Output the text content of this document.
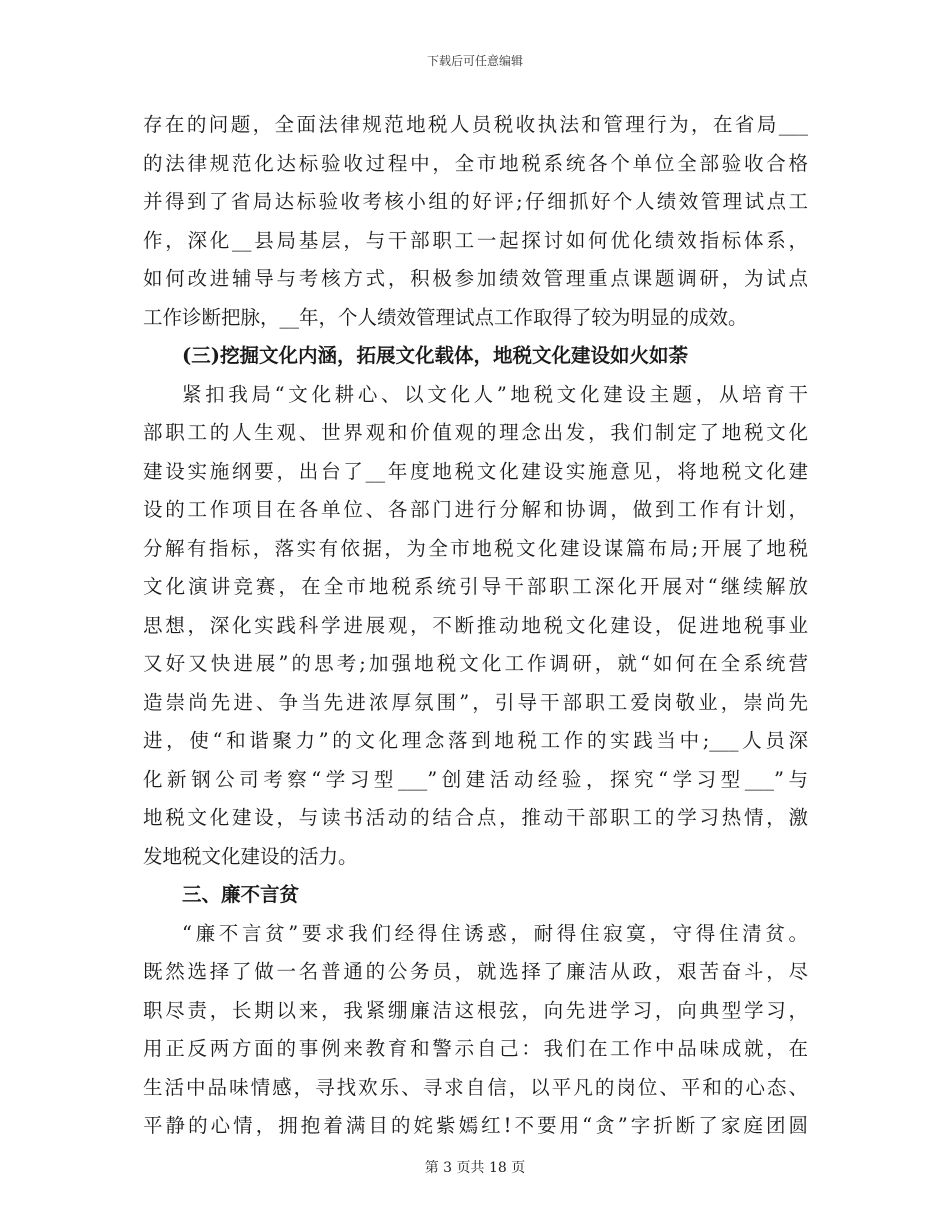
下载后可任意编辑
存在的问题，全面法律规范地税人员税收执法和管理行为，在省局___
的法律规范化达标验收过程中，全市地税系统各个单位全部验收合格
并得到了省局达标验收考核小组的好评;仔细抓好个人绩效管理试点工
作，深化__县局基层，与干部职工一起探讨如何优化绩效指标体系，
如何改进辅导与考核方式，积极参加绩效管理重点课题调研，为试点
工作诊断把脉，__年，个人绩效管理试点工作取得了较为明显的成效。
(三)挖掘文化内涵，拓展文化载体，地税文化建设如火如荼
紧扣我局“文化耕心、以文化人”地税文化建设主题，从培育干
部职工的人生观、世界观和价值观的理念出发，我们制定了地税文化
建设实施纲要，出台了__年度地税文化建设实施意见，将地税文化建
设的工作项目在各单位、各部门进行分解和协调，做到工作有计划，
分解有指标，落实有依据，为全市地税文化建设谋篇布局;开展了地税
文化演讲竞赛，在全市地税系统引导干部职工深化开展对“继续解放
思想，深化实践科学进展观，不断推动地税文化建设，促进地税事业
又好又快进展”的思考;加强地税文化工作调研，就“如何在全系统营
造崇尚先进、争当先进浓厚氛围”，引导干部职工爱岗敬业，崇尚先
进，使“和谐聚力”的文化理念落到地税工作的实践当中;___人员深
化新钢公司考察“学习型___”创建活动经验，探究“学习型___”与
地税文化建设，与读书活动的结合点，推动干部职工的学习热情，激
发地税文化建设的活力。
三、廉不言贫
“廉不言贫”要求我们经得住诱惑，耐得住寂寞，守得住清贫。
既然选择了做一名普通的公务员，就选择了廉洁从政，艰苦奋斗，尽
职尽责，长期以来，我紧绷廉洁这根弦，向先进学习，向典型学习，
用正反两方面的事例来教育和警示自己：我们在工作中品味成就，在
生活中品味情感，寻找欢乐、寻求自信，以平凡的岗位、平和的心态、
平静的心情，拥抱着满目的姹紫嫣红!不要用“贪”字折断了家庭团圆
第 3 页共 18 页
